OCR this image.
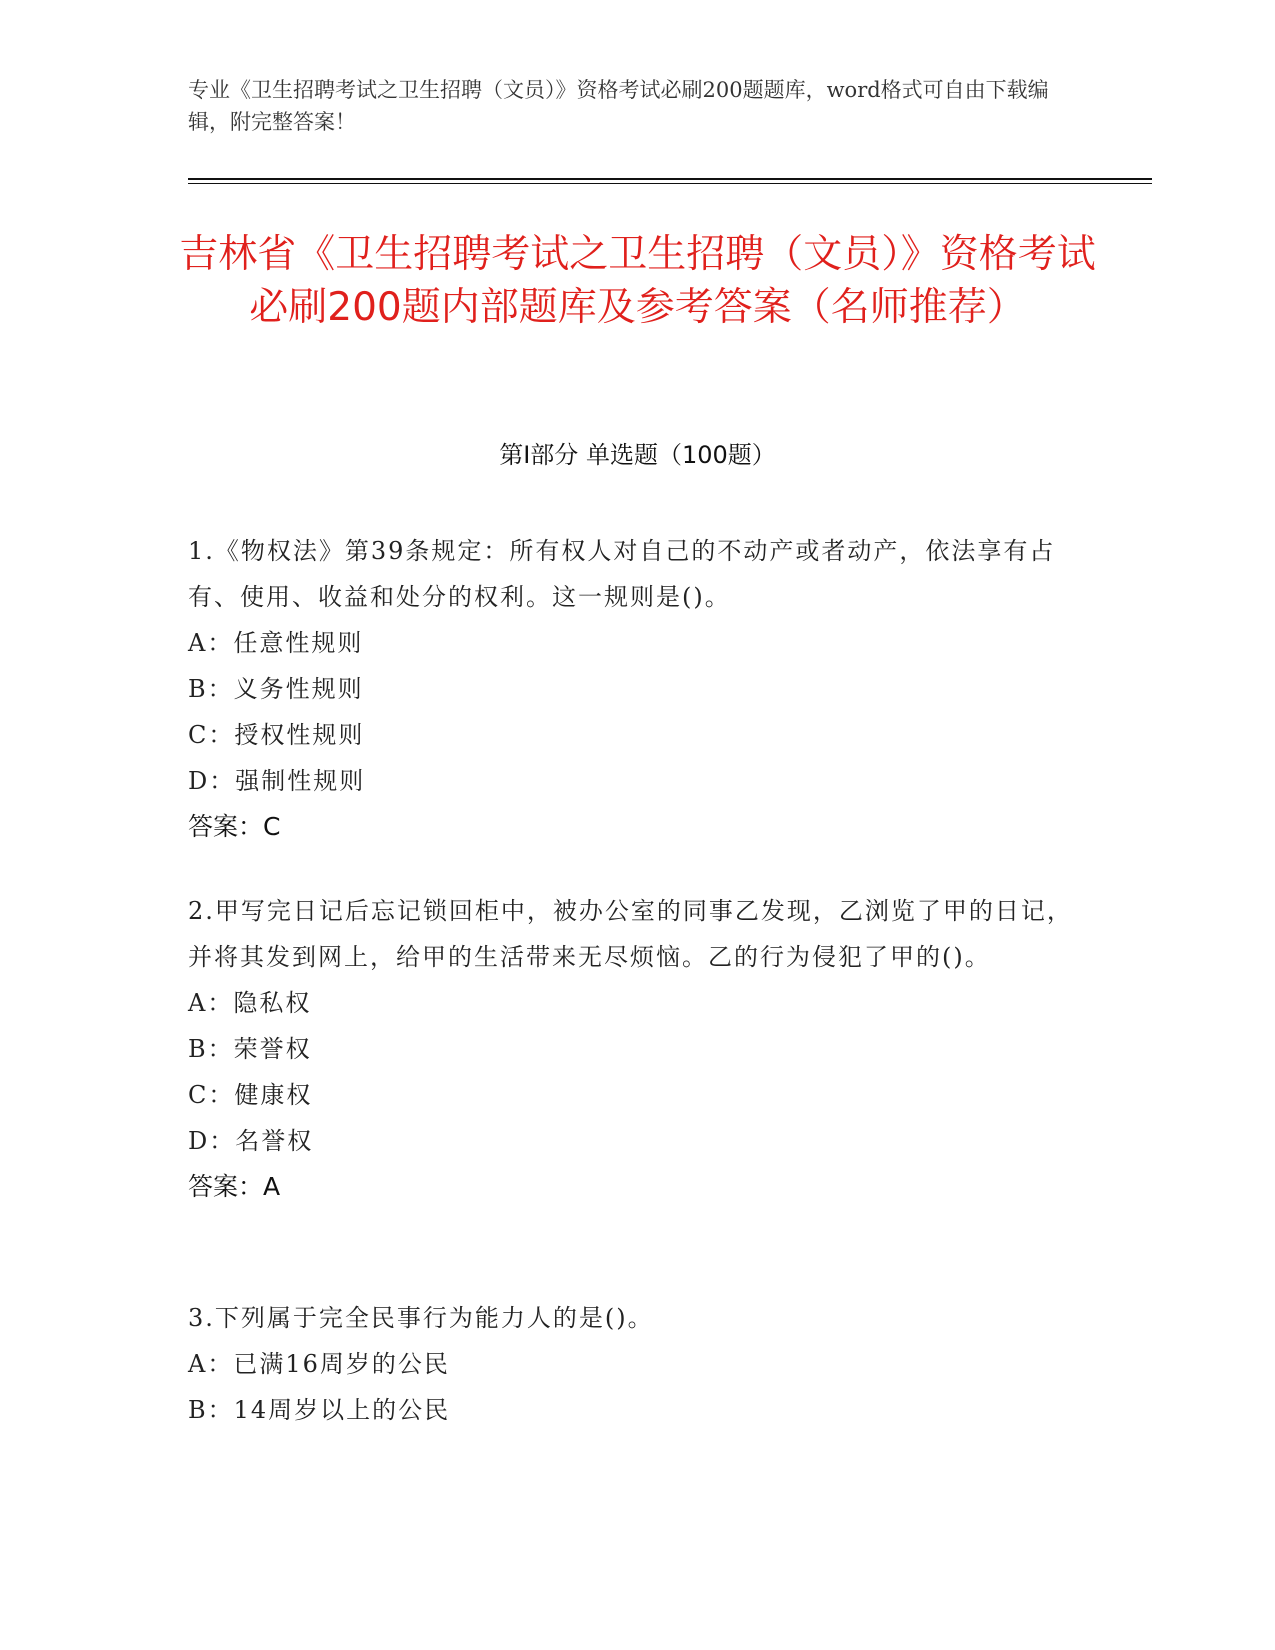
专业《卫生招聘考试之卫生招聘（文员）》资格考试必刷200题题库，word格式可自由下载编辑，附完整答案！
吉林省《卫生招聘考试之卫生招聘（文员）》资格考试必刷200题内部题库及参考答案（名师推荐）
第I部分 单选题（100题）
1.《物权法》第39条规定：所有权人对自己的不动产或者动产，依法享有占有、使用、收益和处分的权利。这一规则是()。
A：任意性规则
B：义务性规则
C：授权性规则
D：强制性规则
答案：C
2.甲写完日记后忘记锁回柜中，被办公室的同事乙发现，乙浏览了甲的日记，并将其发到网上，给甲的生活带来无尽烦恼。乙的行为侵犯了甲的()。
A：隐私权
B：荣誉权
C：健康权
D：名誉权
答案：A
3.下列属于完全民事行为能力人的是()。
A：已满16周岁的公民
B：14周岁以上的公民
